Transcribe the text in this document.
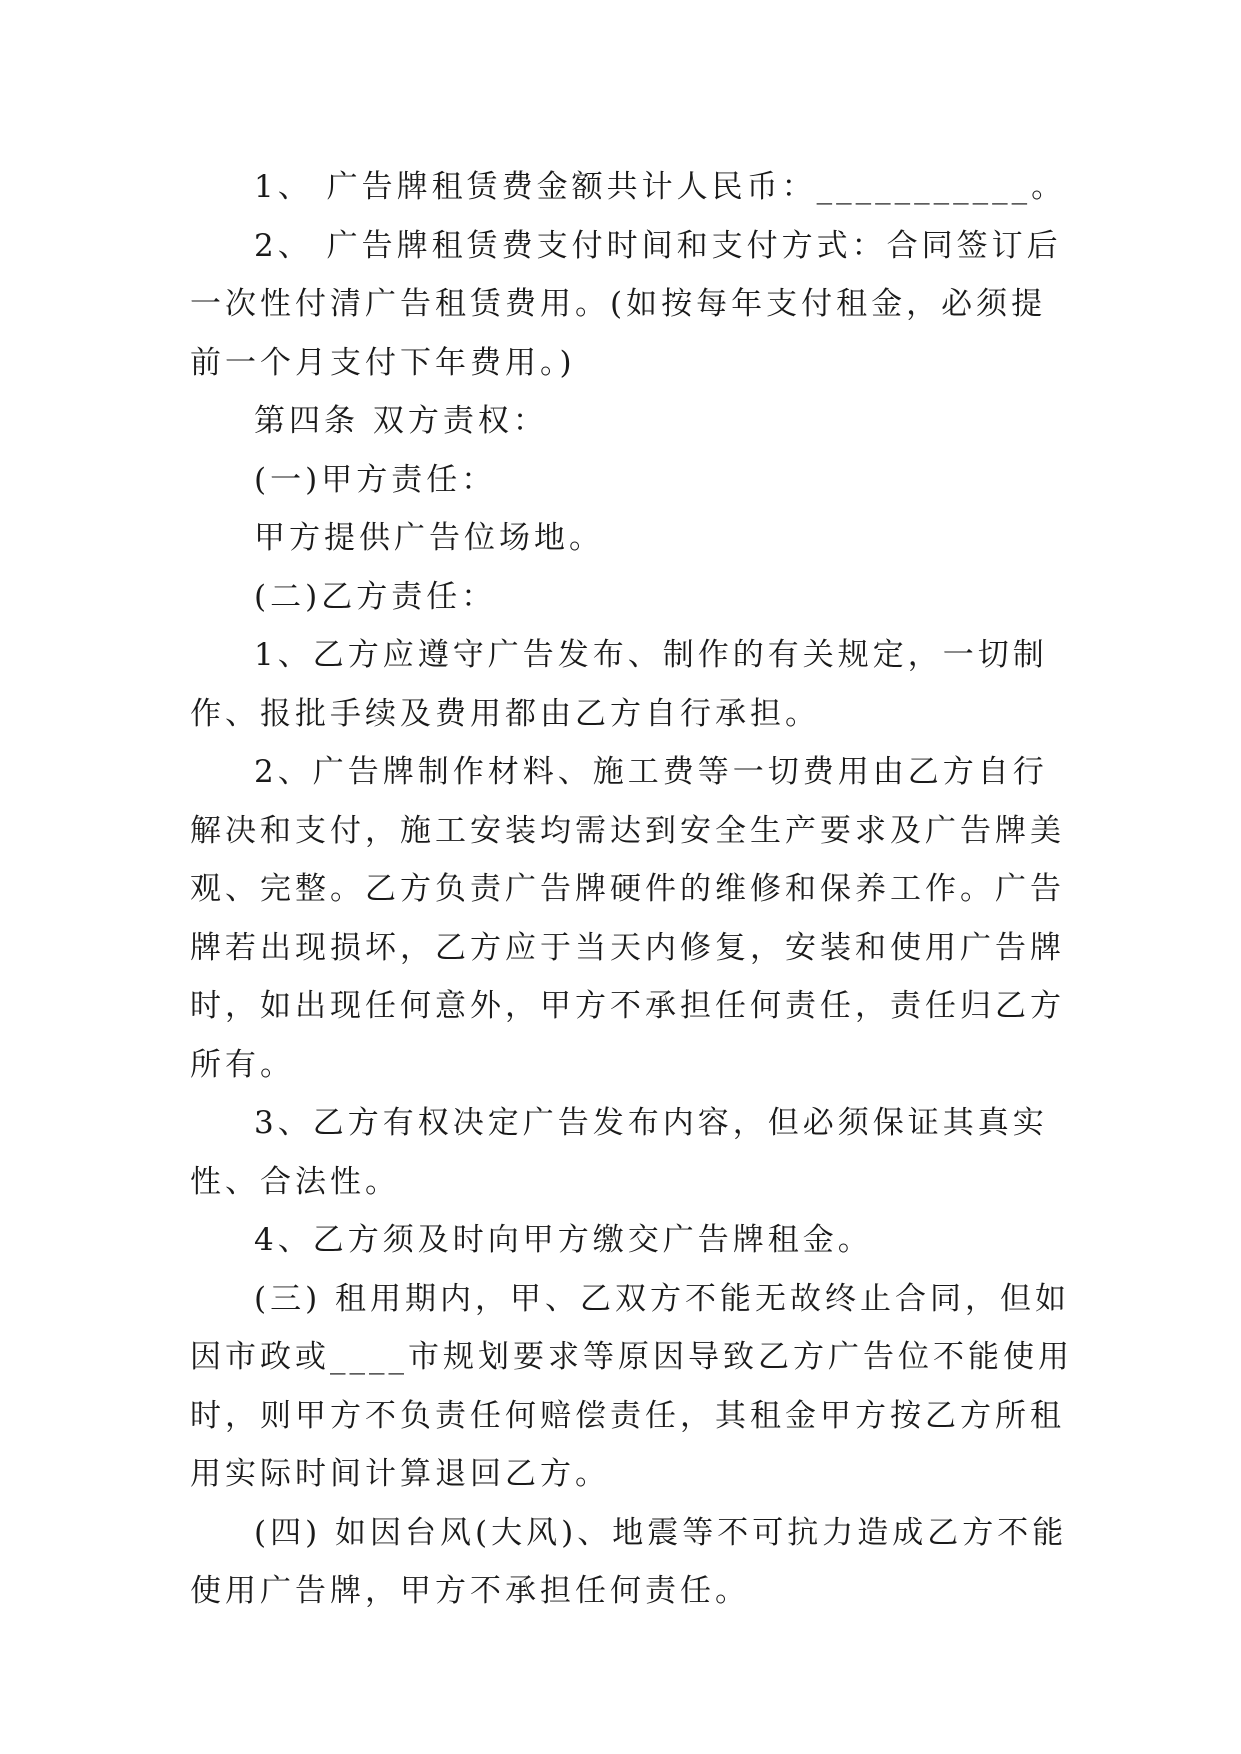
1、 广告牌租赁费金额共计人民币：___________。

2、 广告牌租赁费支付时间和支付方式：合同签订后一次性付清广告租赁费用。(如按每年支付租金，必须提前一个月支付下年费用。)

第四条 双方责权：

(一)甲方责任：

甲方提供广告位场地。

(二)乙方责任：

1、乙方应遵守广告发布、制作的有关规定，一切制作、报批手续及费用都由乙方自行承担。

2、广告牌制作材料、施工费等一切费用由乙方自行解决和支付，施工安装均需达到安全生产要求及广告牌美观、完整。乙方负责广告牌硬件的维修和保养工作。广告牌若出现损坏，乙方应于当天内修复，安装和使用广告牌时，如出现任何意外，甲方不承担任何责任，责任归乙方所有。

3、乙方有权决定广告发布内容，但必须保证其真实性、合法性。

4、乙方须及时向甲方缴交广告牌租金。

(三) 租用期内，甲、乙双方不能无故终止合同，但如因市政或____市规划要求等原因导致乙方广告位不能使用时，则甲方不负责任何赔偿责任，其租金甲方按乙方所租用实际时间计算退回乙方。

(四) 如因台风(大风)、地震等不可抗力造成乙方不能使用广告牌，甲方不承担任何责任。
